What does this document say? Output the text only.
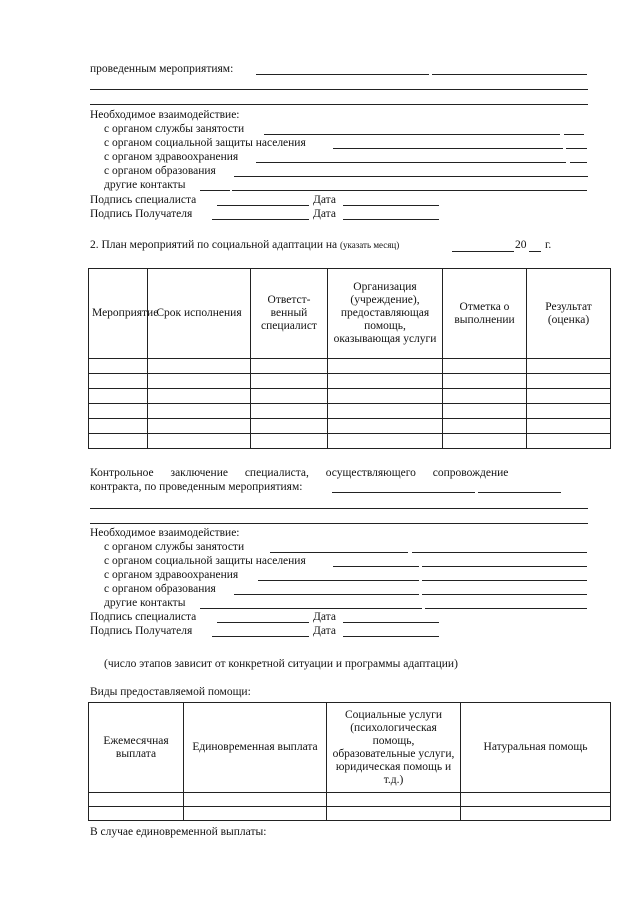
проведенным мероприятиям:
Необходимое взаимодействие:
с органом службы занятости
с органом социальной защиты населения
с органом здравоохранения
с органом образования
другие контакты
Подпись специалиста	Дата
Подпись Получателя	Дата
2. План мероприятий по социальной адаптации на (указать месяц)	20 г.
Мероприятие	Срок исполнения	Ответст-венный специалист	Организация (учреждение), предоставляющая помощь, оказывающая услуги	Отметка о выполнении	Результат (оценка)

Контрольное заключение специалиста, осуществляющего сопровождение
контракта, по проведенным мероприятиям:
Необходимое взаимодействие:
с органом службы занятости
с органом социальной защиты населения
с органом здравоохранения
с органом образования
другие контакты
Подпись специалиста	Дата
Подпись Получателя	Дата
(число этапов зависит от конкретной ситуации и программы адаптации)
Виды предоставляемой помощи:
Ежемесячная выплата	Единовременная выплата	Социальные услуги (психологическая помощь, образовательные услуги, юридическая помощь и т.д.)	Натуральная помощь

В случае единовременной выплаты:
